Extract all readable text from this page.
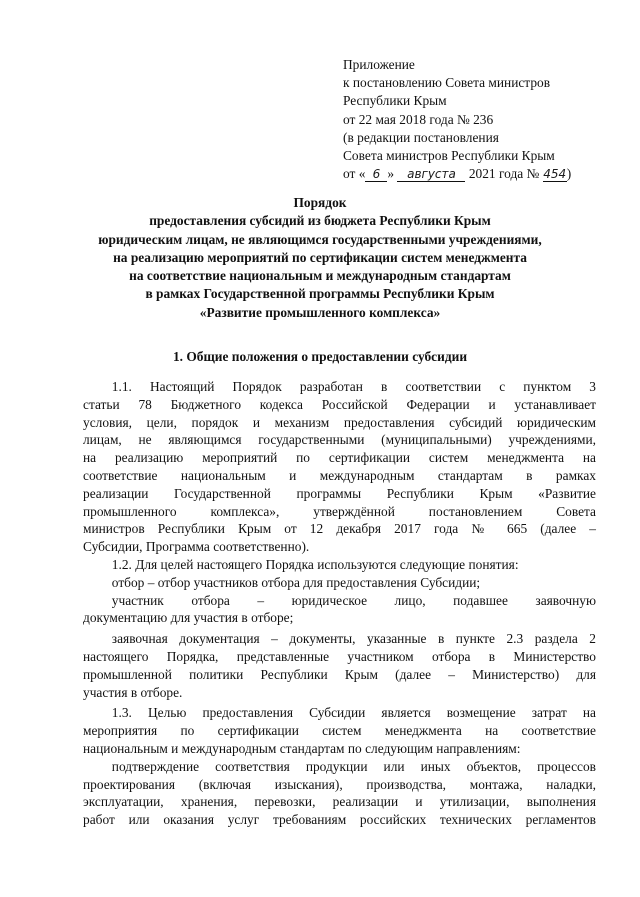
Приложение
к постановлению Совета министров
Республики Крым
от 22 мая 2018 года № 236
(в редакции постановления
Совета министров Республики Крым
от « 6 » августа 2021 года № 454)
Порядок
предоставления субсидий из бюджета Республики Крым
юридическим лицам, не являющимся государственными учреждениями,
на реализацию мероприятий по сертификации систем менеджмента
на соответствие национальным и международным стандартам
в рамках Государственной программы Республики Крым
«Развитие промышленного комплекса»
1. Общие положения о предоставлении субсидии
1.1. Настоящий Порядок разработан в соответствии с пунктом 3
статьи 78 Бюджетного кодекса Российской Федерации и устанавливает
условия, цели, порядок и механизм предоставления субсидий юридическим
лицам, не являющимся государственными (муниципальными) учреждениями,
на реализацию мероприятий по сертификации систем менеджмента на
соответствие национальным и международным стандартам в рамках
реализации Государственной программы Республики Крым «Развитие
промышленного комплекса», утверждённой постановлением Совета
министров Республики Крым от 12 декабря 2017 года № 665 (далее –
Субсидии, Программа соответственно).
1.2. Для целей настоящего Порядка используются следующие понятия:
отбор – отбор участников отбора для предоставления Субсидии;
участник отбора – юридическое лицо, подавшее заявочную
документацию для участия в отборе;
заявочная документация – документы, указанные в пункте 2.3 раздела 2
настоящего Порядка, представленные участником отбора в Министерство
промышленной политики Республики Крым (далее – Министерство) для
участия в отборе.
1.3. Целью предоставления Субсидии является возмещение затрат на
мероприятия по сертификации систем менеджмента на соответствие
национальным и международным стандартам по следующим направлениям:
подтверждение соответствия продукции или иных объектов, процессов
проектирования (включая изыскания), производства, монтажа, наладки,
эксплуатации, хранения, перевозки, реализации и утилизации, выполнения
работ или оказания услуг требованиям российских технических регламентов
